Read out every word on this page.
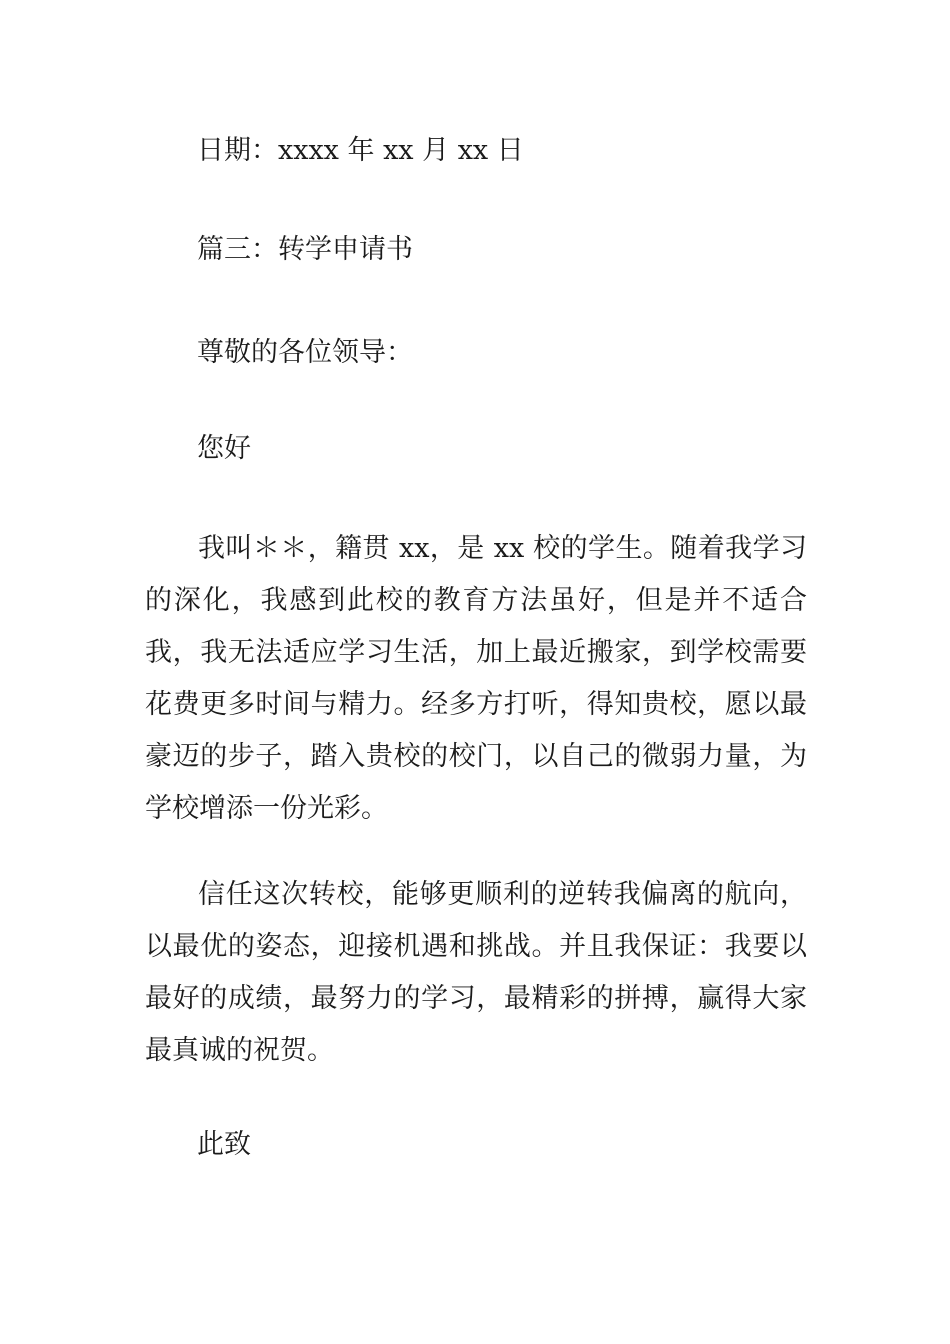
日期：xxxx 年 xx 月 xx 日
篇三：转学申请书
尊敬的各位领导：
您好

我叫＊＊，籍贯 xx，是 xx 校的学生。随着我学习的深化，我感到此校的教育方法虽好，但是并不适合我，我无法适应学习生活，加上最近搬家，到学校需要花费更多时间与精力。经多方打听，得知贵校，愿以最豪迈的步子，踏入贵校的校门，以自己的微弱力量，为学校增添一份光彩。

信任这次转校，能够更顺利的逆转我偏离的航向，以最优的姿态，迎接机遇和挑战。并且我保证：我要以最好的成绩，最努力的学习，最精彩的拼搏，赢得大家最真诚的祝贺。

此致
